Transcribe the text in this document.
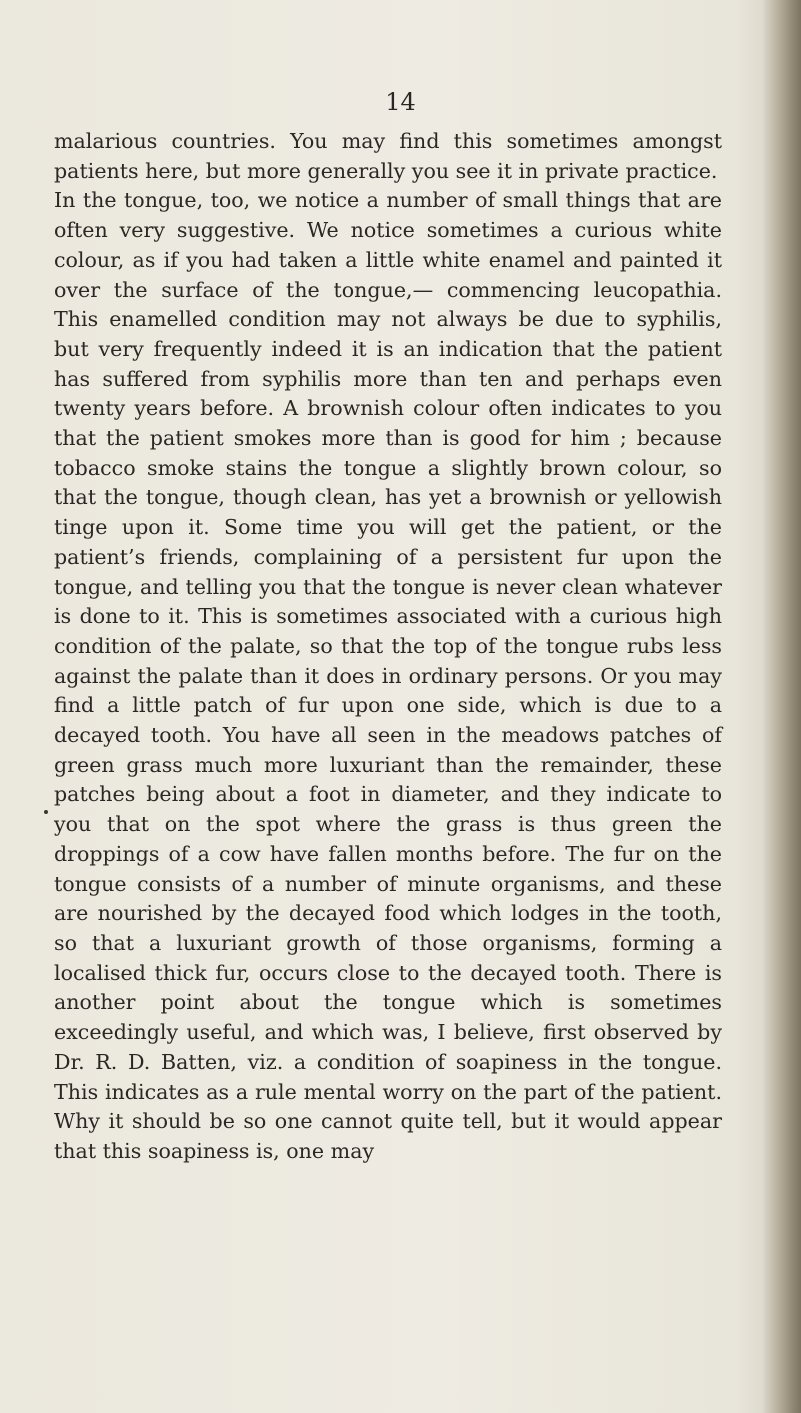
14

malarious countries. You may find this sometimes amongst patients here, but more generally you see it in private practice.

In the tongue, too, we notice a number of small things that are often very suggestive. We notice sometimes a curious white colour, as if you had taken a little white enamel and painted it over the surface of the tongue,— commencing leucopathia. This enamelled condition may not always be due to syphilis, but very frequently indeed it is an indication that the patient has suffered from syphilis more than ten and perhaps even twenty years before. A brownish colour often indicates to you that the patient smokes more than is good for him ; because tobacco smoke stains the tongue a slightly brown colour, so that the tongue, though clean, has yet a brownish or yellowish tinge upon it. Some time you will get the patient, or the patient’s friends, complaining of a persistent fur upon the tongue, and telling you that the tongue is never clean whatever is done to it. This is sometimes associated with a curious high condition of the palate, so that the top of the tongue rubs less against the palate than it does in ordinary persons. Or you may find a little patch of fur upon one side, which is due to a decayed tooth. You have all seen in the meadows patches of green grass much more luxuriant than the remainder, these patches being about a foot in diameter, and they indicate to you that on the spot where the grass is thus green the droppings of a cow have fallen months before. The fur on the tongue consists of a number of minute organisms, and these are nourished by the decayed food which lodges in the tooth, so that a luxuriant growth of those organisms, forming a localised thick fur, occurs close to the decayed tooth. There is another point about the tongue which is sometimes exceedingly useful, and which was, I believe, first observed by Dr. R. D. Batten, viz. a condition of soapiness in the tongue. This indicates as a rule mental worry on the part of the patient. Why it should be so one cannot quite tell, but it would appear that this soapiness is, one may
